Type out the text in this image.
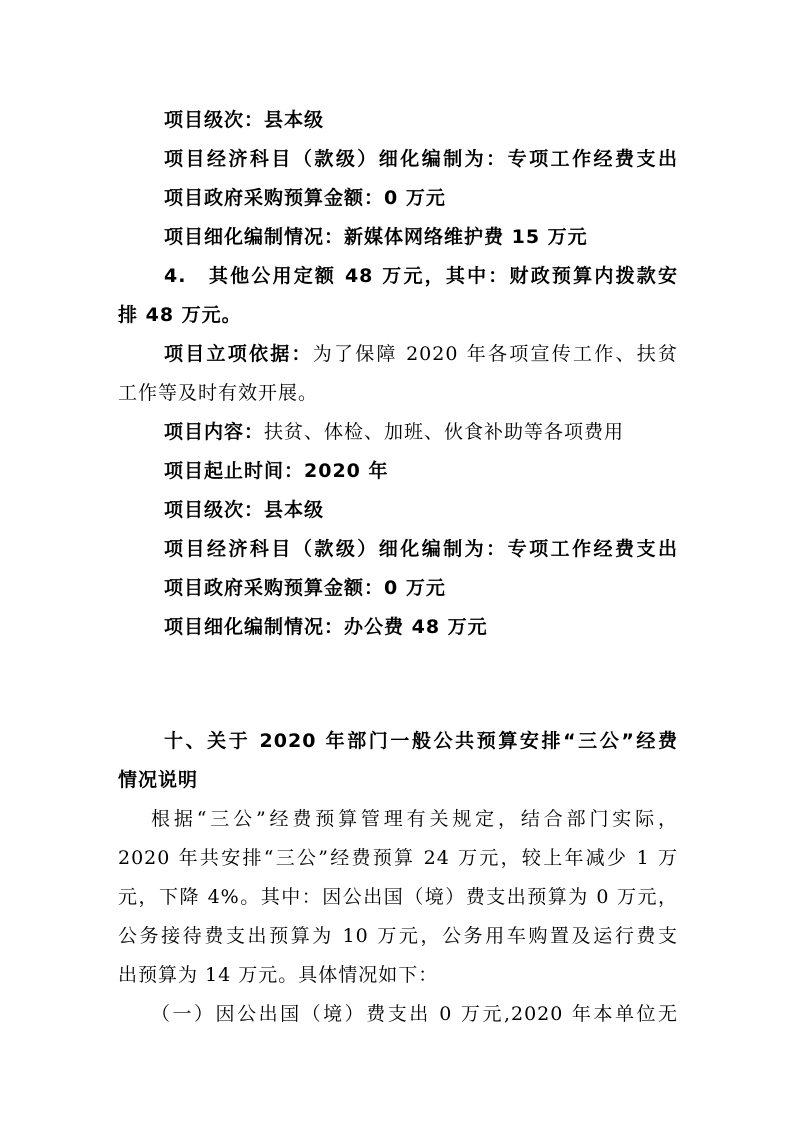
项目级次：县本级
项目经济科目（款级）细化编制为：专项工作经费支出
项目政府采购预算金额：0 万元
项目细化编制情况：新媒体网络维护费 15 万元
4.　其他公用定额 48 万元，其中：财政预算内拨款安
排 48 万元。
项目立项依据：为了保障 2020 年各项宣传工作、扶贫
工作等及时有效开展。
项目内容：扶贫、体检、加班、伙食补助等各项费用
项目起止时间：2020 年
项目级次：县本级
项目经济科目（款级）细化编制为：专项工作经费支出
项目政府采购预算金额：0 万元
项目细化编制情况：办公费 48 万元
十、关于 2020 年部门一般公共预算安排“三公”经费
情况说明
根据“三公”经费预算管理有关规定，结合部门实际，
2020 年共安排“三公”经费预算 24 万元，较上年减少 1 万
元，下降 4%。其中：因公出国（境）费支出预算为 0 万元，
公务接待费支出预算为 10 万元，公务用车购置及运行费支
出预算为 14 万元。具体情况如下：
（一）因公出国（境）费支出 0 万元,2020 年本单位无
